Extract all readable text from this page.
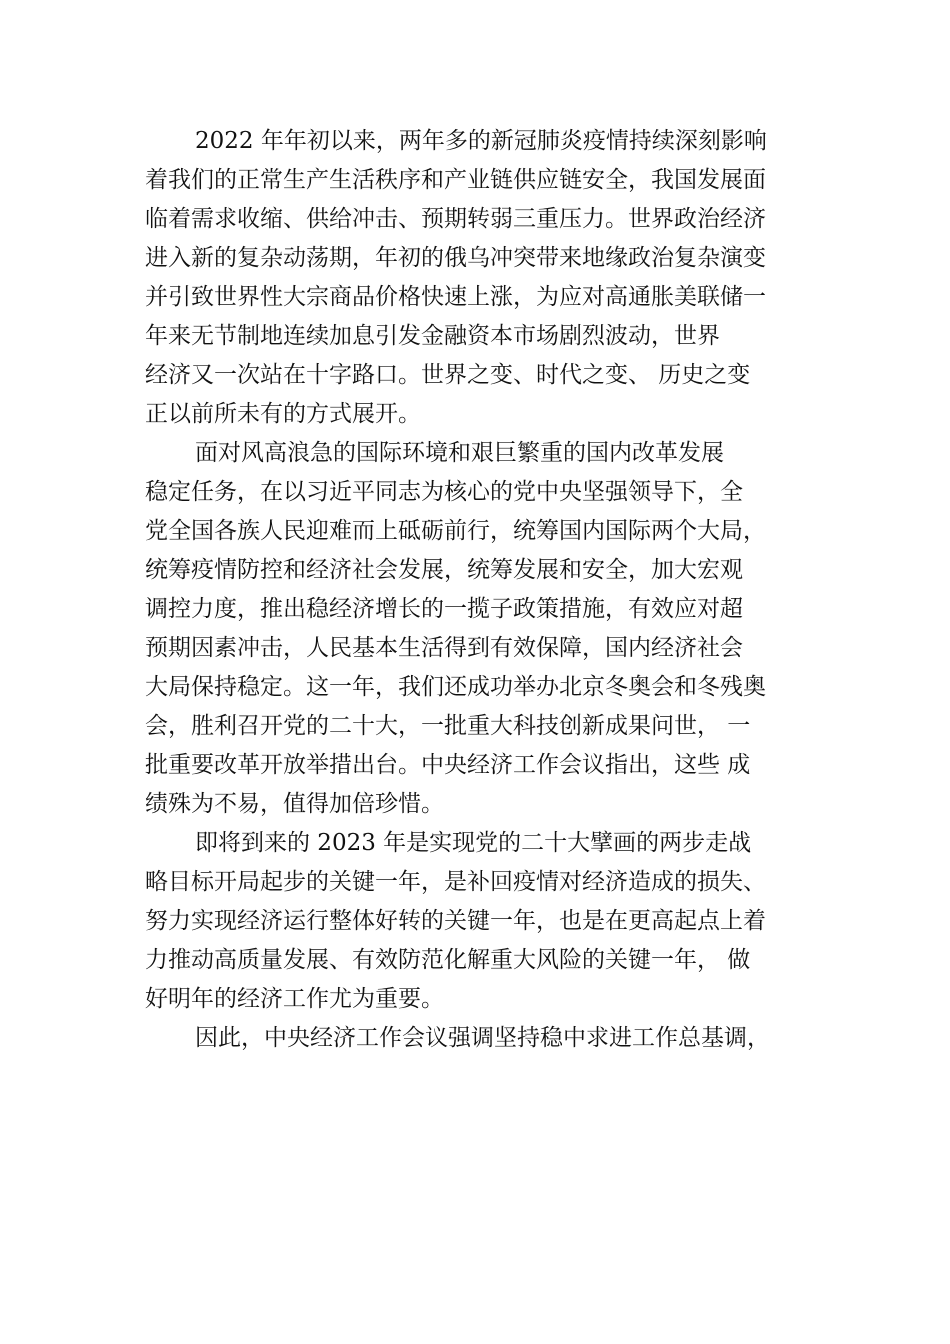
2022 年年初以来，两年多的新冠肺炎疫情持续深刻影响
着我们的正常生产生活秩序和产业链供应链安全，我国发展面
临着需求收缩、供给冲击、预期转弱三重压力。世界政治经济
进入新的复杂动荡期，年初的俄乌冲突带来地缘政治复杂演变
并引致世界性大宗商品价格快速上涨，为应对高通胀美联储一
年来无节制地连续加息引发金融资本市场剧烈波动，世界
经济又一次站在十字路口。世界之变、时代之变、 历史之变
正以前所未有的方式展开。
面对风高浪急的国际环境和艰巨繁重的国内改革发展
稳定任务，在以习近平同志为核心的党中央坚强领导下，全
党全国各族人民迎难而上砥砺前行，统筹国内国际两个大局，
统筹疫情防控和经济社会发展，统筹发展和安全，加大宏观
调控力度，推出稳经济增长的一揽子政策措施，有效应对超
预期因素冲击，人民基本生活得到有效保障，国内经济社会
大局保持稳定。这一年，我们还成功举办北京冬奥会和冬残奥
会，胜利召开党的二十大，一批重大科技创新成果问世， 一
批重要改革开放举措出台。中央经济工作会议指出，这些 成
绩殊为不易，值得加倍珍惜。
即将到来的 2023 年是实现党的二十大擘画的两步走战
略目标开局起步的关键一年，是补回疫情对经济造成的损失、
努力实现经济运行整体好转的关键一年，也是在更高起点上着
力推动高质量发展、有效防范化解重大风险的关键一年， 做
好明年的经济工作尤为重要。
因此，中央经济工作会议强调坚持稳中求进工作总基调，
